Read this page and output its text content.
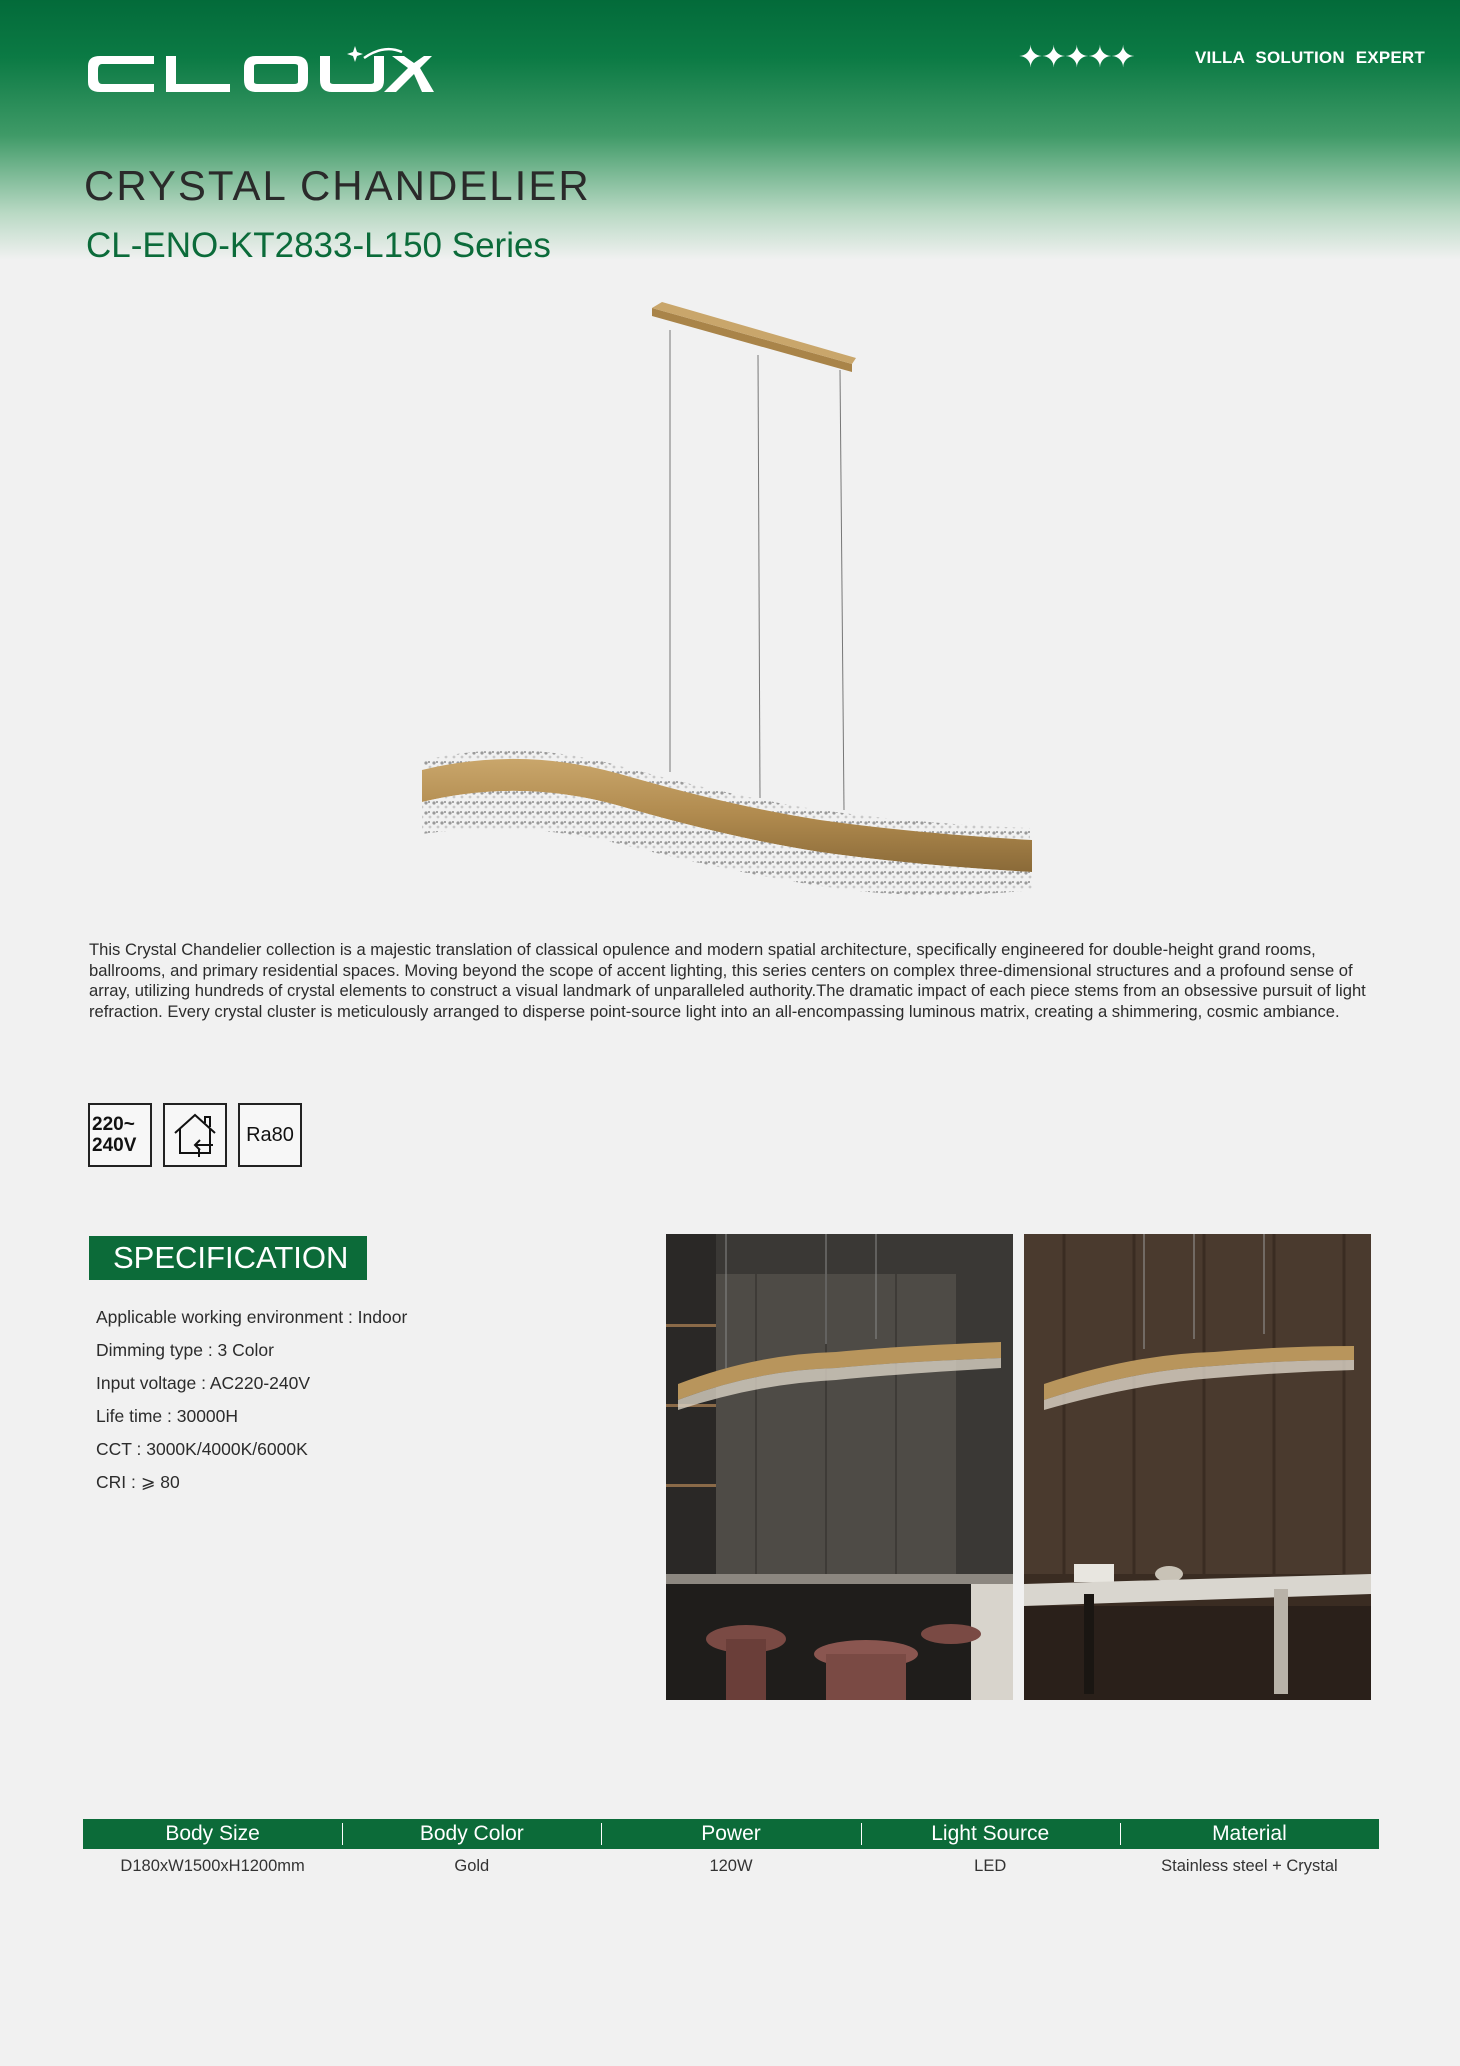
✦✦✦✦✦	VILLA SOLUTION EXPERT
CRYSTAL CHANDELIER
CL-ENO-KT2833-L150 Series

This Crystal Chandelier collection is a majestic translation of classical opulence and modern spatial architecture, specifically engineered for double-height grand rooms, ballrooms, and primary residential spaces. Moving beyond the scope of accent lighting, this series centers on complex three-dimensional structures and a profound sense of array, utilizing hundreds of crystal elements to construct a visual landmark of unparalleled authority.The dramatic impact of each piece stems from an obsessive pursuit of light refraction. Every crystal cluster is meticulously arranged to disperse point-source light into an all-encompassing luminous matrix, creating a shimmering, cosmic ambiance.

220~
240V	Ra80
SPECIFICATION
Applicable working environment : Indoor
Dimming type : 3 Color
Input voltage : AC220-240V
Life time : 30000H
CCT : 3000K/4000K/6000K
CRI : ⩾ 80
Body Size	Body Color	Power	Light Source	Material
D180xW1500xH1200mm	Gold	120W	LED	Stainless steel + Crystal
